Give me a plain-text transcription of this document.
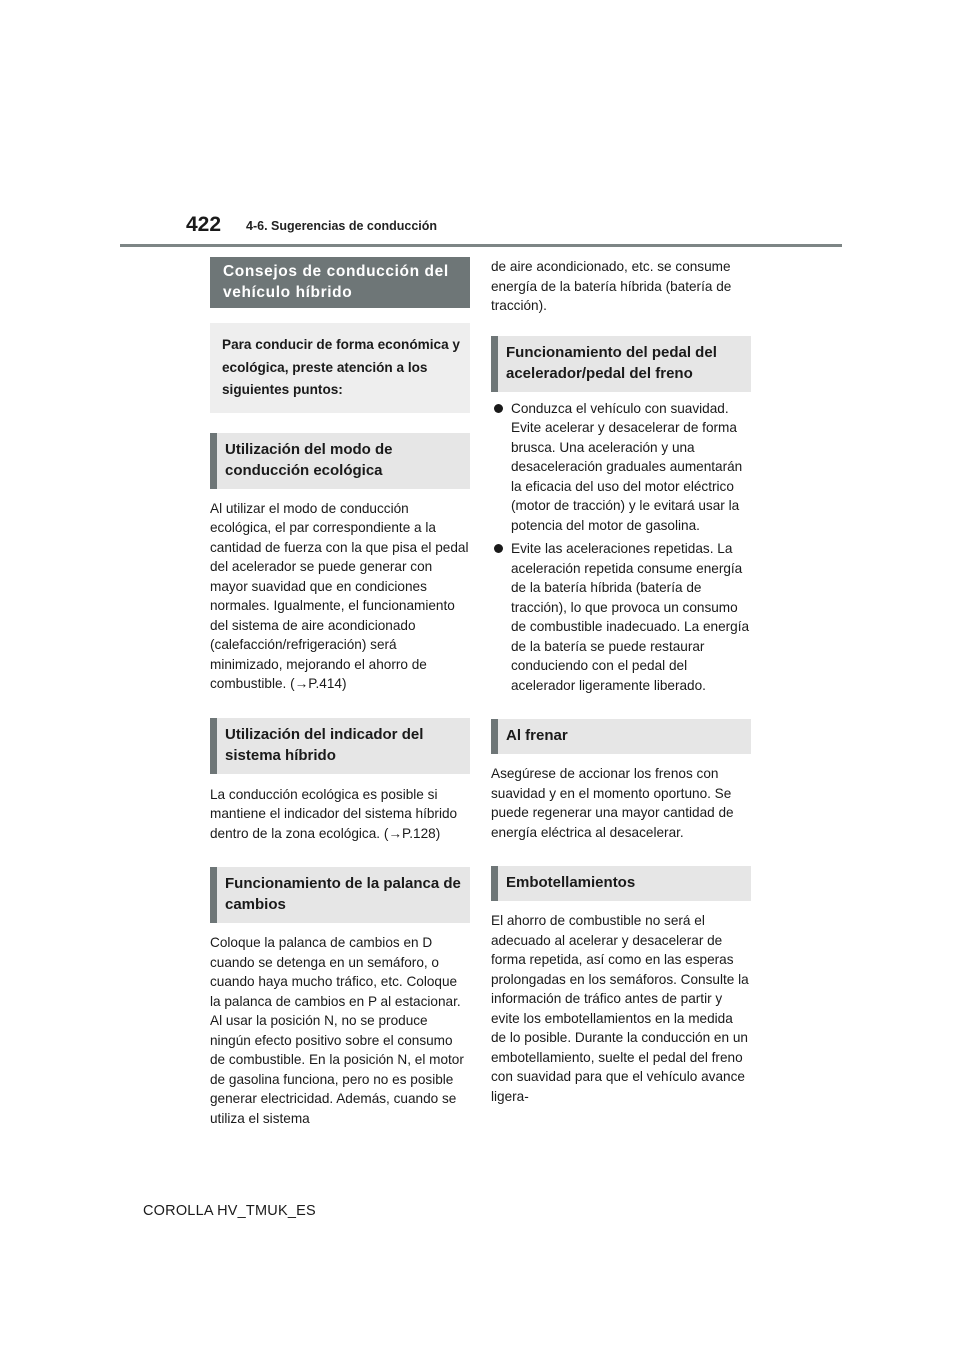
422 4-6. Sugerencias de conducción
Consejos de conducción del vehículo híbrido
Para conducir de forma económica y ecológica, preste atención a los siguientes puntos:
Utilización del modo de conducción ecológica

Al utilizar el modo de conducción ecológica, el par correspondiente a la cantidad de fuerza con la que pisa el pedal del acelerador se puede generar con mayor suavidad que en condiciones normales. Igualmente, el funcionamiento del sistema de aire acondicionado (calefacción/refrigeración) será minimizado, mejorando el ahorro de combustible. (→P.414)

Utilización del indicador del sistema híbrido

La conducción ecológica es posible si mantiene el indicador del sistema híbrido dentro de la zona ecológica. (→P.128)

Funcionamiento de la palanca de cambios

Coloque la palanca de cambios en D cuando se detenga en un semáforo, o cuando haya mucho tráfico, etc. Coloque la palanca de cambios en P al estacionar. Al usar la posición N, no se produce ningún efecto positivo sobre el consumo de combustible. En la posición N, el motor de gasolina funciona, pero no es posible generar electricidad. Además, cuando se utiliza el sistema

de aire acondicionado, etc. se consume energía de la batería híbrida (batería de tracción).

Funcionamiento del pedal del acelerador/pedal del freno
Conduzca el vehículo con suavidad. Evite acelerar y desacelerar de forma brusca. Una aceleración y una desaceleración graduales aumentarán la eficacia del uso del motor eléctrico (motor de tracción) y le evitará usar la potencia del motor de gasolina.
Evite las aceleraciones repetidas. La aceleración repetida consume energía de la batería híbrida (batería de tracción), lo que provoca un consumo de combustible inadecuado. La energía de la batería se puede restaurar conduciendo con el pedal del acelerador ligeramente liberado.
Al frenar

Asegúrese de accionar los frenos con suavidad y en el momento oportuno. Se puede regenerar una mayor cantidad de energía eléctrica al desacelerar.

Embotellamientos

El ahorro de combustible no será el adecuado al acelerar y desacelerar de forma repetida, así como en las esperas prolongadas en los semáforos. Consulte la información de tráfico antes de partir y evite los embotellamientos en la medida de lo posible. Durante la conducción en un embotellamiento, suelte el pedal del freno con suavidad para que el vehículo avance ligera-

COROLLA HV_TMUK_ES
